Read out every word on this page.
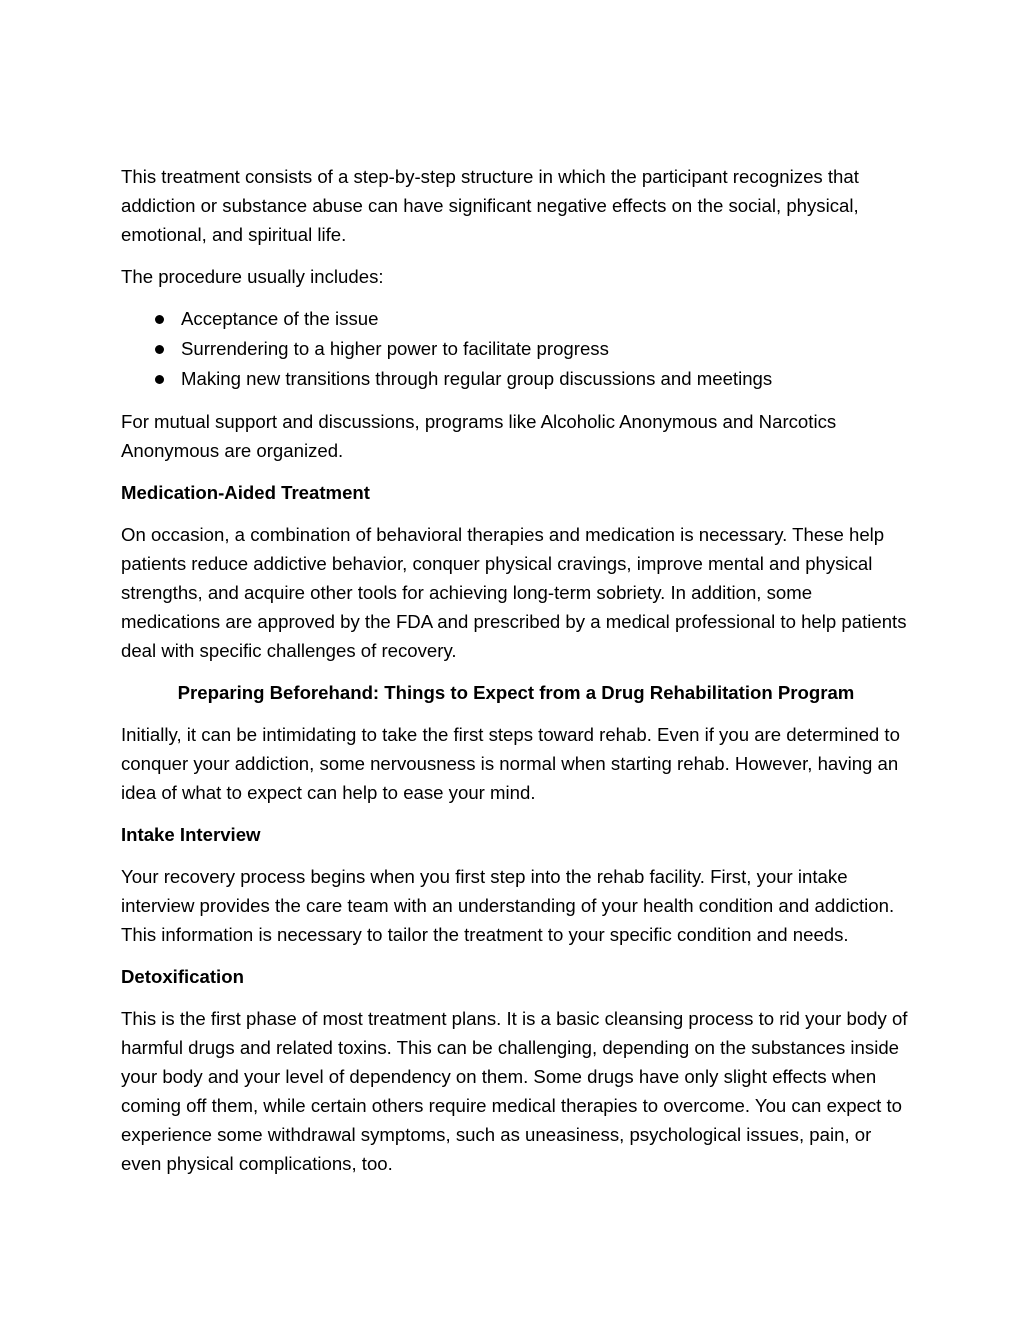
This treatment consists of a step-by-step structure in which the participant recognizes that addiction or substance abuse can have significant negative effects on the social, physical, emotional, and spiritual life.

The procedure usually includes:

Acceptance of the issue
Surrendering to a higher power to facilitate progress
Making new transitions through regular group discussions and meetings

For mutual support and discussions, programs like Alcoholic Anonymous and Narcotics Anonymous are organized.

Medication-Aided Treatment

On occasion, a combination of behavioral therapies and medication is necessary. These help patients reduce addictive behavior, conquer physical cravings, improve mental and physical strengths, and acquire other tools for achieving long-term sobriety. In addition, some medications are approved by the FDA and prescribed by a medical professional to help patients deal with specific challenges of recovery.

Preparing Beforehand: Things to Expect from a Drug Rehabilitation Program

Initially, it can be intimidating to take the first steps toward rehab. Even if you are determined to conquer your addiction, some nervousness is normal when starting rehab. However, having an idea of what to expect can help to ease your mind.

Intake Interview

Your recovery process begins when you first step into the rehab facility. First, your intake interview provides the care team with an understanding of your health condition and addiction. This information is necessary to tailor the treatment to your specific condition and needs.

Detoxification

This is the first phase of most treatment plans. It is a basic cleansing process to rid your body of harmful drugs and related toxins. This can be challenging, depending on the substances inside your body and your level of dependency on them. Some drugs have only slight effects when coming off them, while certain others require medical therapies to overcome. You can expect to experience some withdrawal symptoms, such as uneasiness, psychological issues, pain, or even physical complications, too.
